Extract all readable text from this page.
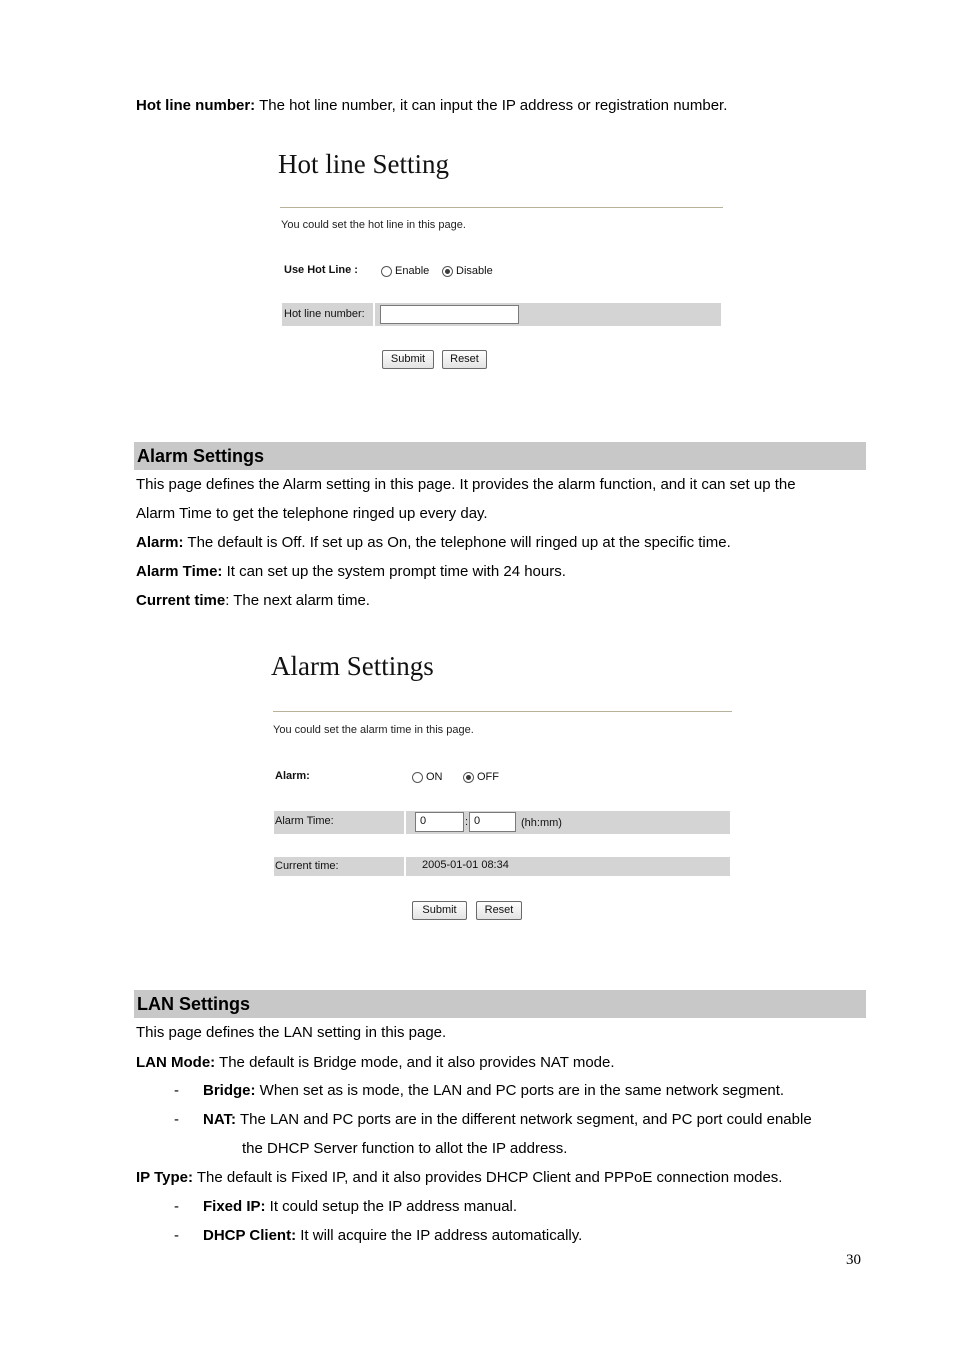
Hot line number: The hot line number, it can input the IP address or registration number.
Hot line Setting
You could set the hot line in this page.
Use Hot Line :	Enable Disable
Hot line number:
Submit	Reset
Alarm Settings
This page defines the Alarm setting in this page. It provides the alarm function, and it can set up the
Alarm Time to get the telephone ringed up every day.
Alarm: The default is Off. If set up as On, the telephone will ringed up at the specific time.
Alarm Time: It can set up the system prompt time with 24 hours.
Current time: The next alarm time.
Alarm Settings
You could set the alarm time in this page.
Alarm:	ON	OFF
Alarm Time:	0	: 0	(hh:mm)
Current time:	2005-01-01 08:34
Submit	Reset
LAN Settings
This page defines the LAN setting in this page.
LAN Mode: The default is Bridge mode, and it also provides NAT mode.
- Bridge: When set as is mode, the LAN and PC ports are in the same network segment.
- NAT: The LAN and PC ports are in the different network segment, and PC port could enable
the DHCP Server function to allot the IP address.
IP Type: The default is Fixed IP, and it also provides DHCP Client and PPPoE connection modes.
- Fixed IP: It could setup the IP address manual.
- DHCP Client: It will acquire the IP address automatically.
30
